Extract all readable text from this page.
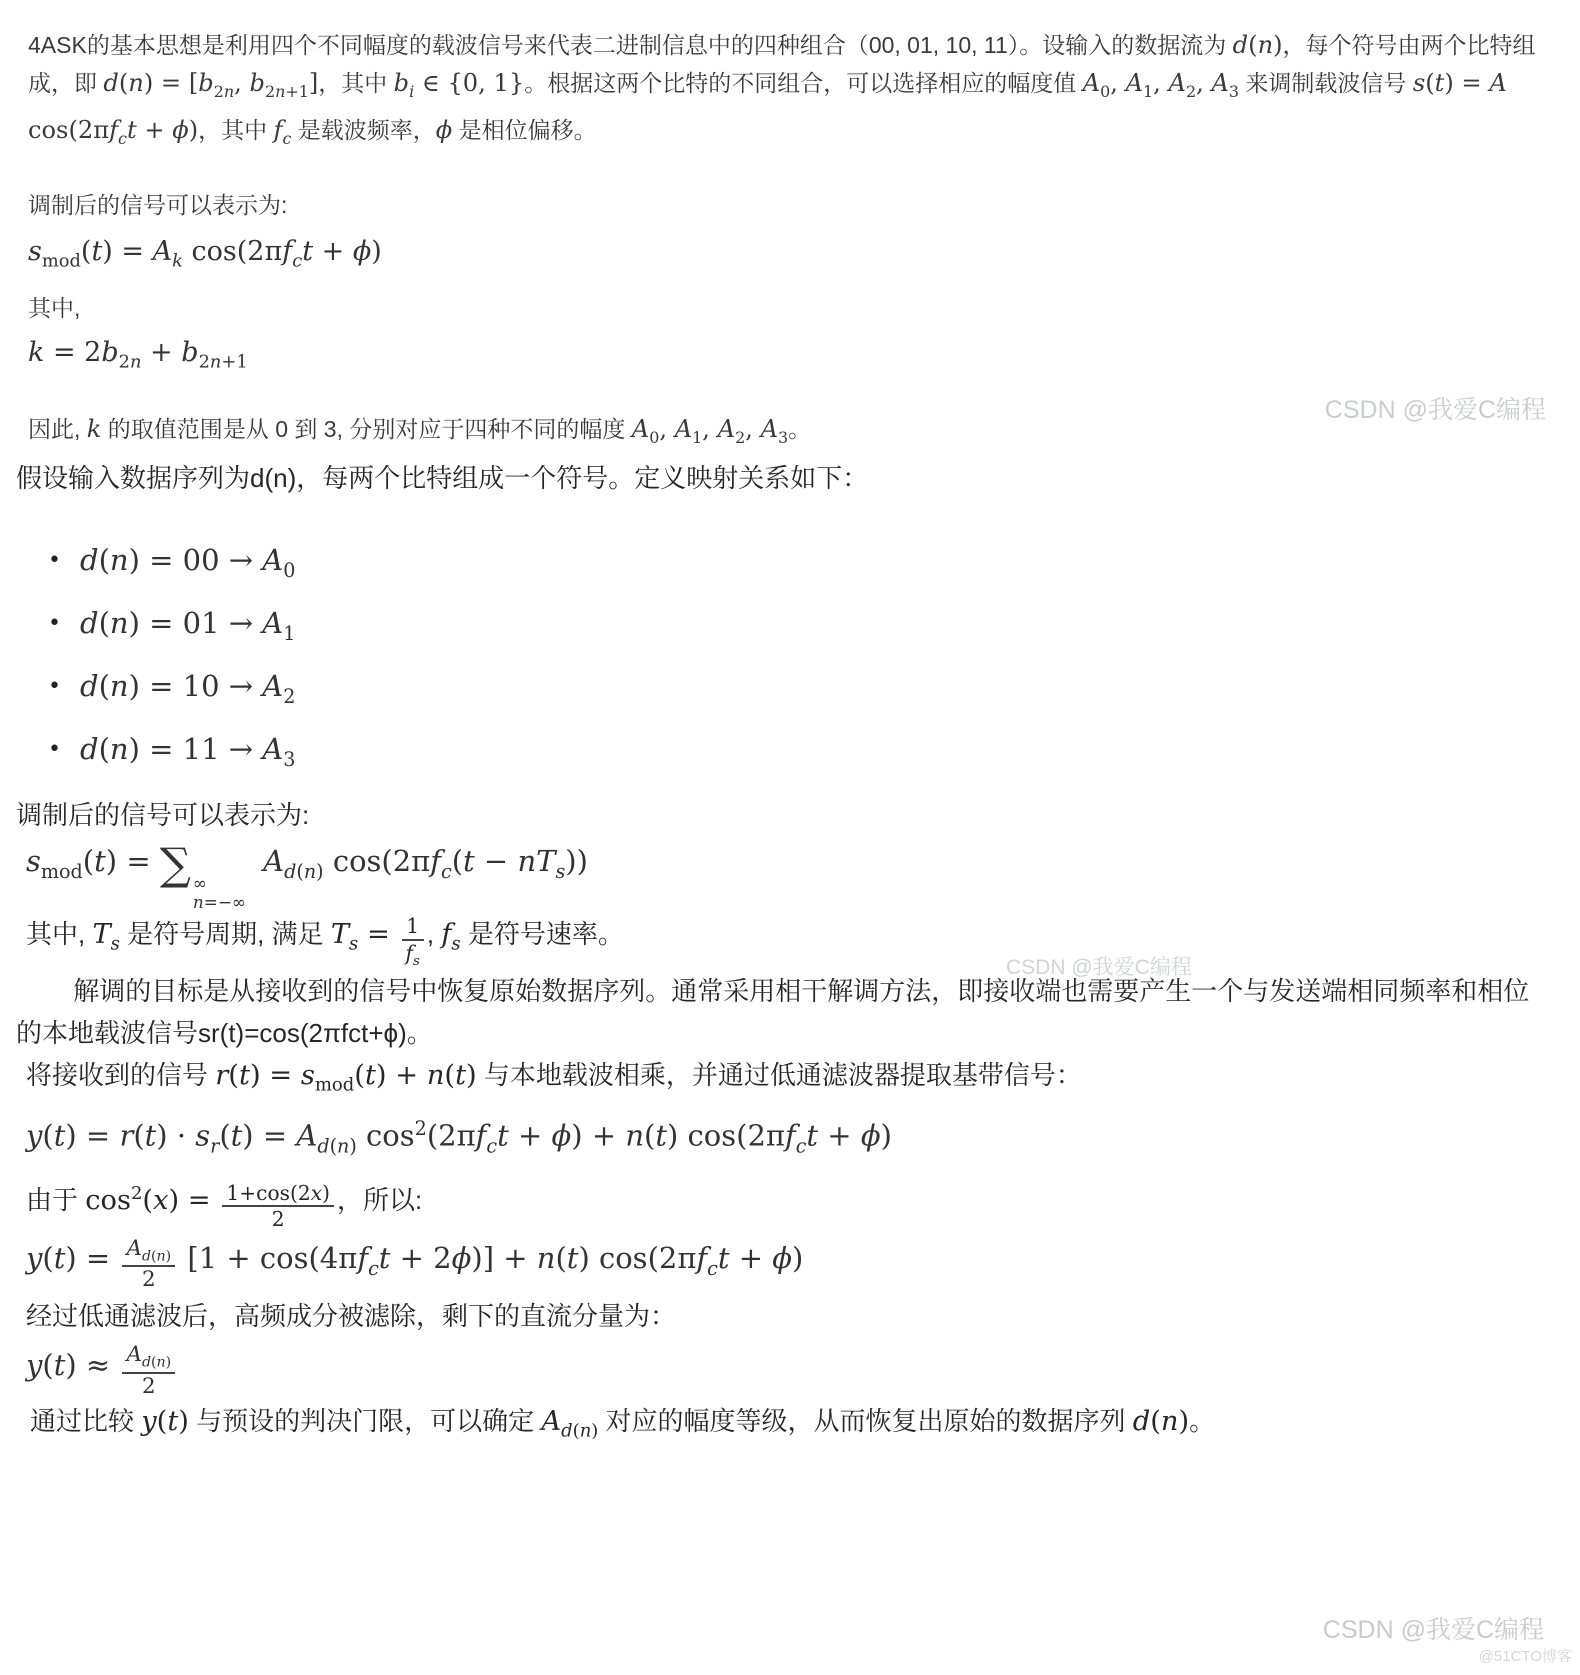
4ASK的基本思想是利用四个不同幅度的载波信号来代表二进制信息中的四种组合（00, 01, 10, 11）。设输入的数据流为 d(n)，每个符号由两个比特组成，即 $d(n) = [b_{2n}$, $b_{2n+1}$]，其中 $b_i$ ∈ {0, 1}。根据这两个比特的不同组合，可以选择相应的幅度值 $A_0$, $A_1$, $A_2$, $A_3$ 来调制载波信号 s(t) = A $\cos(2\pi f_ct + \phi)$，其中 $f_c$ 是载波频率，ϕ 是相位偏移。

调制后的信号可以表示为:

$s_{mod}(t) = A_k$ $\cos(2\pi f_ct + \phi)$

其中,

$k = 2b_{2n} + b_{2n+1}$

因此, k 的取值范围是从 0 到 3, 分别对应于四种不同的幅度 $A_0$, $A_1$, $A_2$, $A_3$。

假设输入数据序列为d(n)，每两个比特组成一个符号。定义映射关系如下：

• $d(n) = 00 \to A_0$
• $d(n) = 01 \to A_1$
• $d(n) = 10 \to A_2$
• $d(n) = 11 \to A_3$

调制后的信号可以表示为:

$s_{mod}(t)$ = ∑ ∞
n=−∞
$A_{d(n)}$ $\cos(2\pi f_c(t - nT_s))$

其中, $T_s$ 是符号周期, 满足 $T_s = \frac{1}{f_s}$ , $f_s$ 是符号速率。

解调的目标是从接收到的信号中恢复原始数据序列。通常采用相干解调方法，即接收端也需要产生一个与发送端相同频率和相位的本地载波信号sr(t)=cos(2πfct+ϕ)。

将接收到的信号 $r(t) = s_{mod}(t) + n(t)$ 与本地载波相乘，并通过低通滤波器提取基带信号：

$y(t) = r(t) \cdot s_r(t) = A_{d(n)}$ $\cos^2(2\pi f_ct + \phi) + n(t) \cos(2\pi f_ct + \phi)$

由于 $\cos^2(x) = \frac{1+\cos(2x)}{2}$ ，所以:

$y(t) = \frac{A_{d(n)}}{2} [1 + \cos(4\pi f_ct + 2\phi)] + n(t) \cos(2\pi f_ct + \phi)$

经过低通滤波后，高频成分被滤除，剩下的直流分量为：

$y(t) \approx \frac{A_{d(n)}}{2}$

通过比较 y(t) 与预设的判决门限，可以确定 $A_{d(n)}$ 对应的幅度等级，从而恢复出原始的数据序列 d(n)。

CSDN @我爱C编程
CSDN @我爱C编程
CSDN @我爱C编程
@51CTO博客
